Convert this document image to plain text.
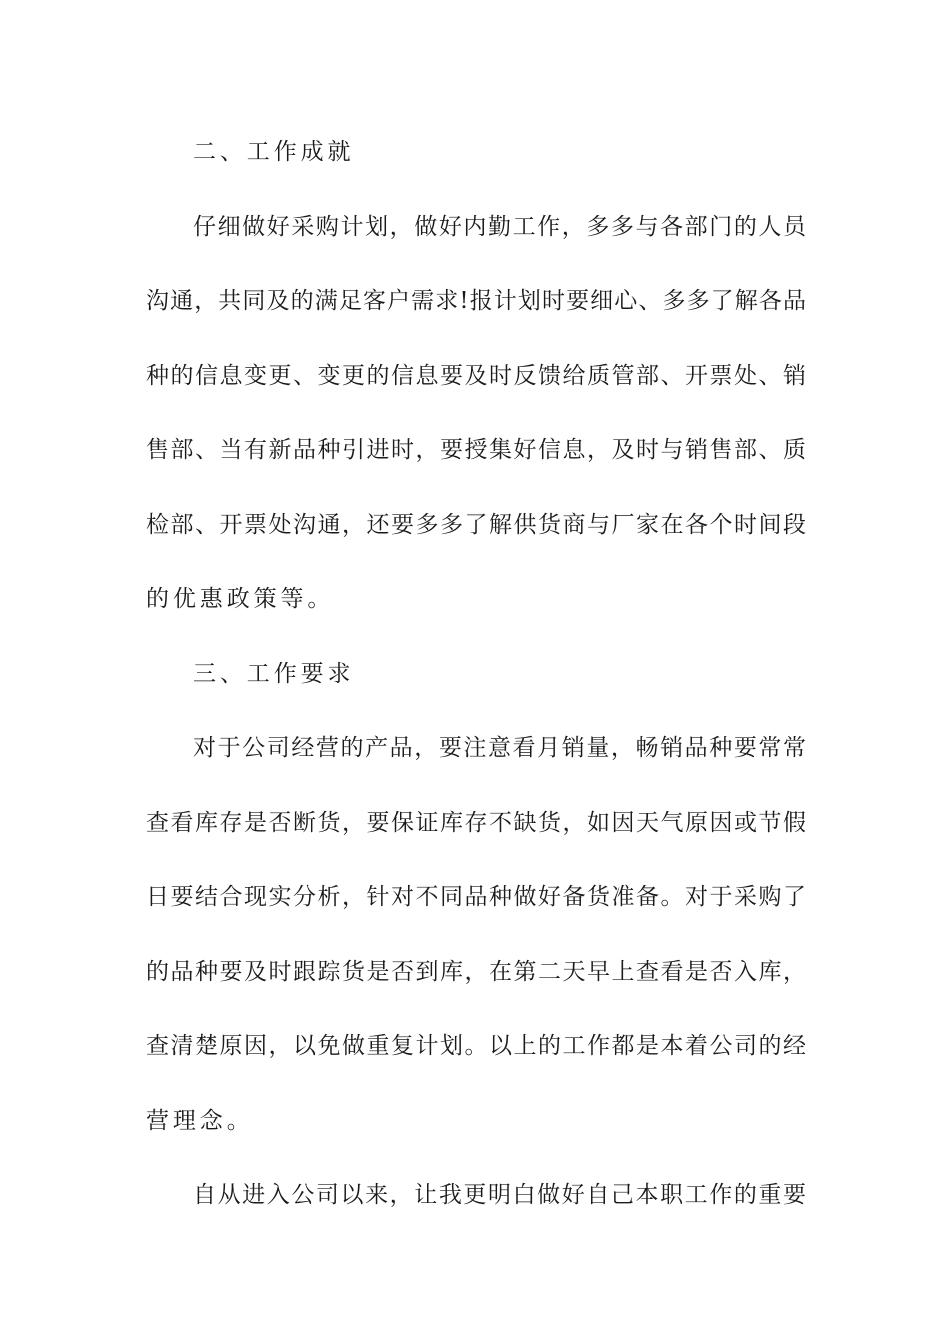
二、工作成就
仔细做好采购计划，做好内勤工作，多多与各部门的人员
沟通，共同及的满足客户需求!报计划时要细心、多多了解各品
种的信息变更、变更的信息要及时反馈给质管部、开票处、销
售部、当有新品种引进时，要授集好信息，及时与销售部、质
检部、开票处沟通，还要多多了解供货商与厂家在各个时间段
的优惠政策等。
三、工作要求
对于公司经营的产品，要注意看月销量，畅销品种要常常
查看库存是否断货，要保证库存不缺货，如因天气原因或节假
日要结合现实分析，针对不同品种做好备货准备。对于采购了
的品种要及时跟踪货是否到库，在第二天早上查看是否入库，
查清楚原因，以免做重复计划。以上的工作都是本着公司的经
营理念。
自从进入公司以来，让我更明白做好自己本职工作的重要
